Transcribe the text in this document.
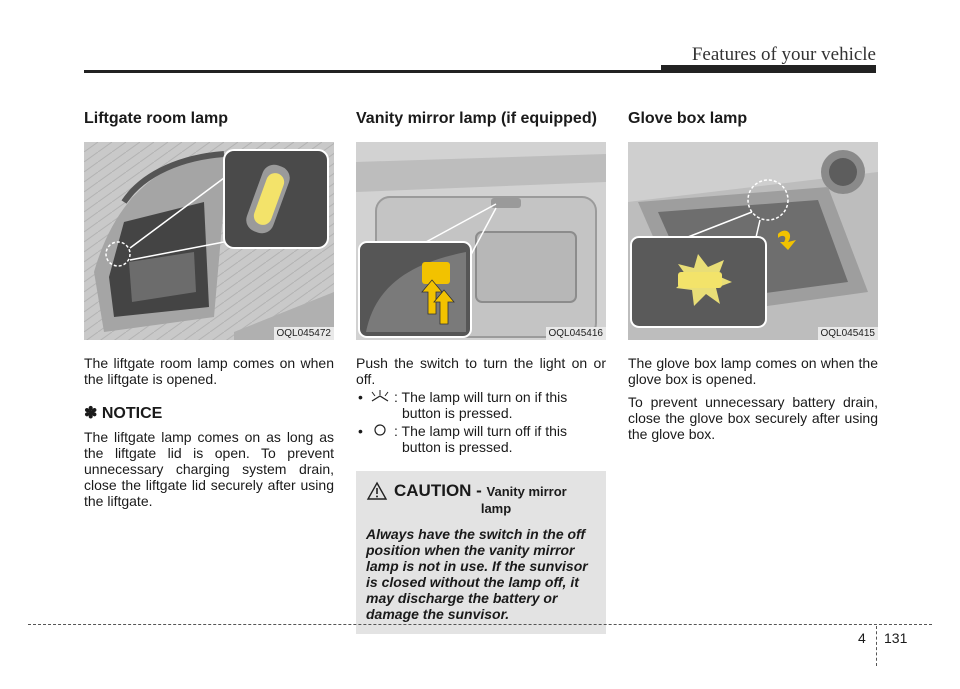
Features of your vehicle
Liftgate room lamp
OQL045472

The liftgate room lamp comes on when the liftgate is opened.

✽ NOTICE

The liftgate lamp comes on as long as the liftgate lid is open. To prevent unnecessary charging system drain, close the liftgate lid securely after using the liftgate.

Vanity mirror lamp (if equipped)
OQL045416

Push the switch to turn the light on or off.

•	: The lamp will turn on if this
button is pressed.
•	: The lamp will turn off if this
button is pressed.
CAUTION - Vanity mirror
lamp
Always have the switch in the off position when the vanity mirror lamp is not in use. If the sunvisor is closed without the lamp off, it may discharge the battery or damage the sunvisor.
Glove box lamp
OQL045415

The glove box lamp comes on when the glove box is opened.

To prevent unnecessary battery drain, close the glove box securely after using the glove box.

4 131
